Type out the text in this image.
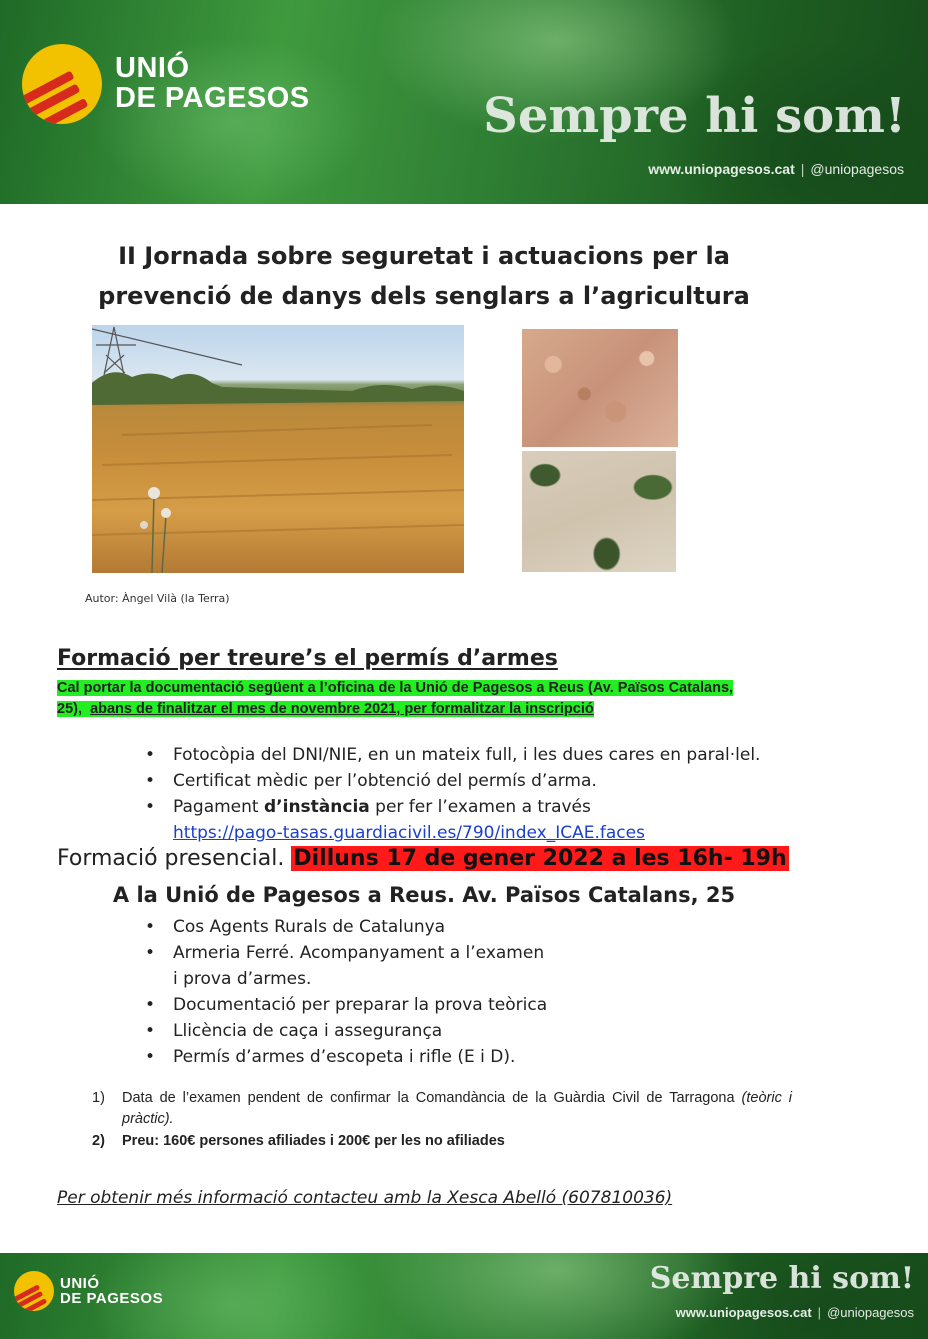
UNIÓ
DE PAGESOS	Sempre hi som!
www.uniopagesos.cat | @uniopagesos
II Jornada sobre seguretat i actuacions per la
prevenció de danys dels senglars a l’agricultura
Autor: Àngel Vilà (la Terra)
Formació per treure’s el permís d’armes
Cal portar la documentació següent a l’oficina de la Unió de Pagesos a Reus (Av. Països Catalans, 25), abans de finalitzar el mes de novembre 2021, per formalitzar la inscripció
• Fotocòpia del DNI/NIE, en un mateix full, i les dues cares en paral·lel.
• Certificat mèdic per l’obtenció del permís d’arma.
• Pagament d’instància per fer l’examen a través
https://pago-tasas.guardiacivil.es/790/index_ICAE.faces
Formació presencial. Dilluns 17 de gener 2022 a les 16h- 19h
A la Unió de Pagesos a Reus. Av. Països Catalans, 25
• Cos Agents Rurals de Catalunya
• Armeria Ferré. Acompanyament a l’examen
i prova d’armes.
• Documentació per preparar la prova teòrica
• Llicència de caça i assegurança
• Permís d’armes d’escopeta i rifle (E i D).
1) Data de l’examen pendent de confirmar la Comandància de la Guàrdia Civil de Tarragona (teòric i pràctic).
2) Preu: 160€ persones afiliades i 200€ per les no afiliades
Per obtenir més informació contacteu amb la Xesca Abelló (607810036)
UNIÓ
DE PAGESOS
Sempre hi som!
www.uniopagesos.cat | @uniopagesos
